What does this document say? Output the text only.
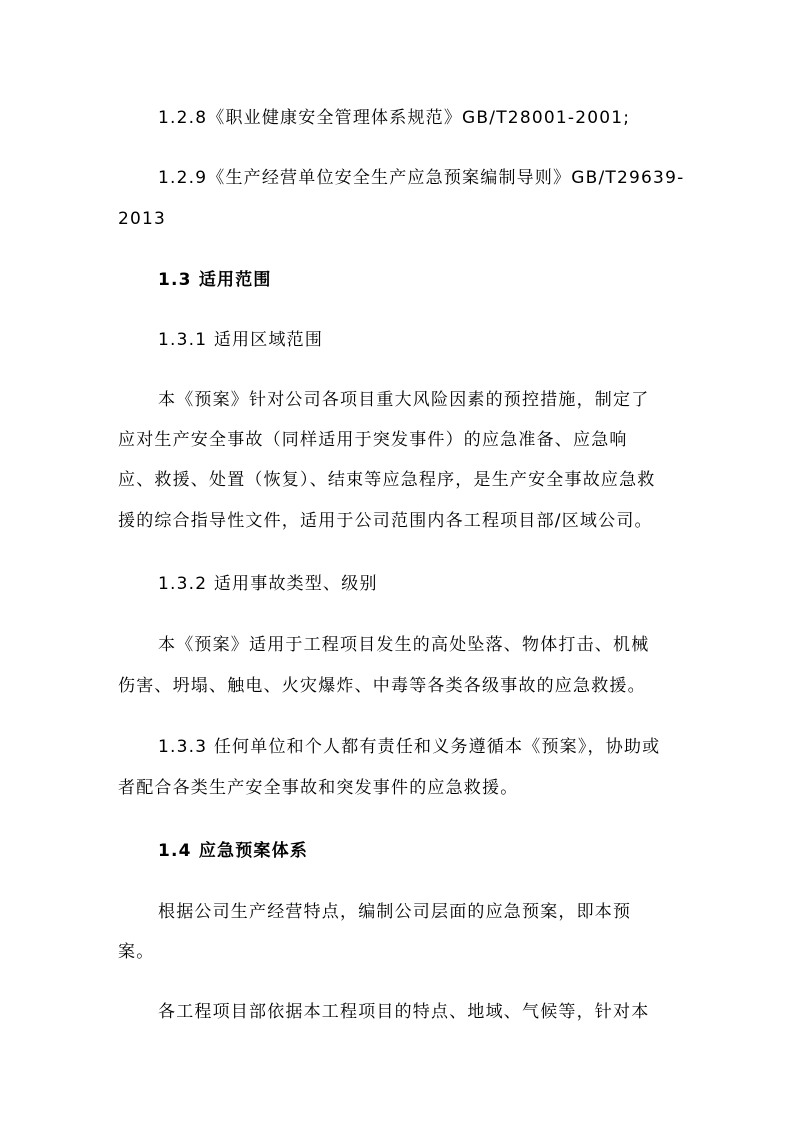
1.2.8《职业健康安全管理体系规范》GB/T28001-2001;
1.2.9《生产经营单位安全生产应急预案编制导则》GB/T29639-
2013
1.3 适用范围
1.3.1 适用区域范围
本《预案》针对公司各项目重大风险因素的预控措施，制定了
应对生产安全事故（同样适用于突发事件）的应急准备、应急响
应、救援、处置（恢复）、结束等应急程序，是生产安全事故应急救
援的综合指导性文件，适用于公司范围内各工程项目部/区域公司。
1.3.2 适用事故类型、级别
本《预案》适用于工程项目发生的高处坠落、物体打击、机械
伤害、坍塌、触电、火灾爆炸、中毒等各类各级事故的应急救援。
1.3.3 任何单位和个人都有责任和义务遵循本《预案》，协助或
者配合各类生产安全事故和突发事件的应急救援。
1.4 应急预案体系
根据公司生产经营特点，编制公司层面的应急预案，即本预
案。
各工程项目部依据本工程项目的特点、地域、气候等，针对本
